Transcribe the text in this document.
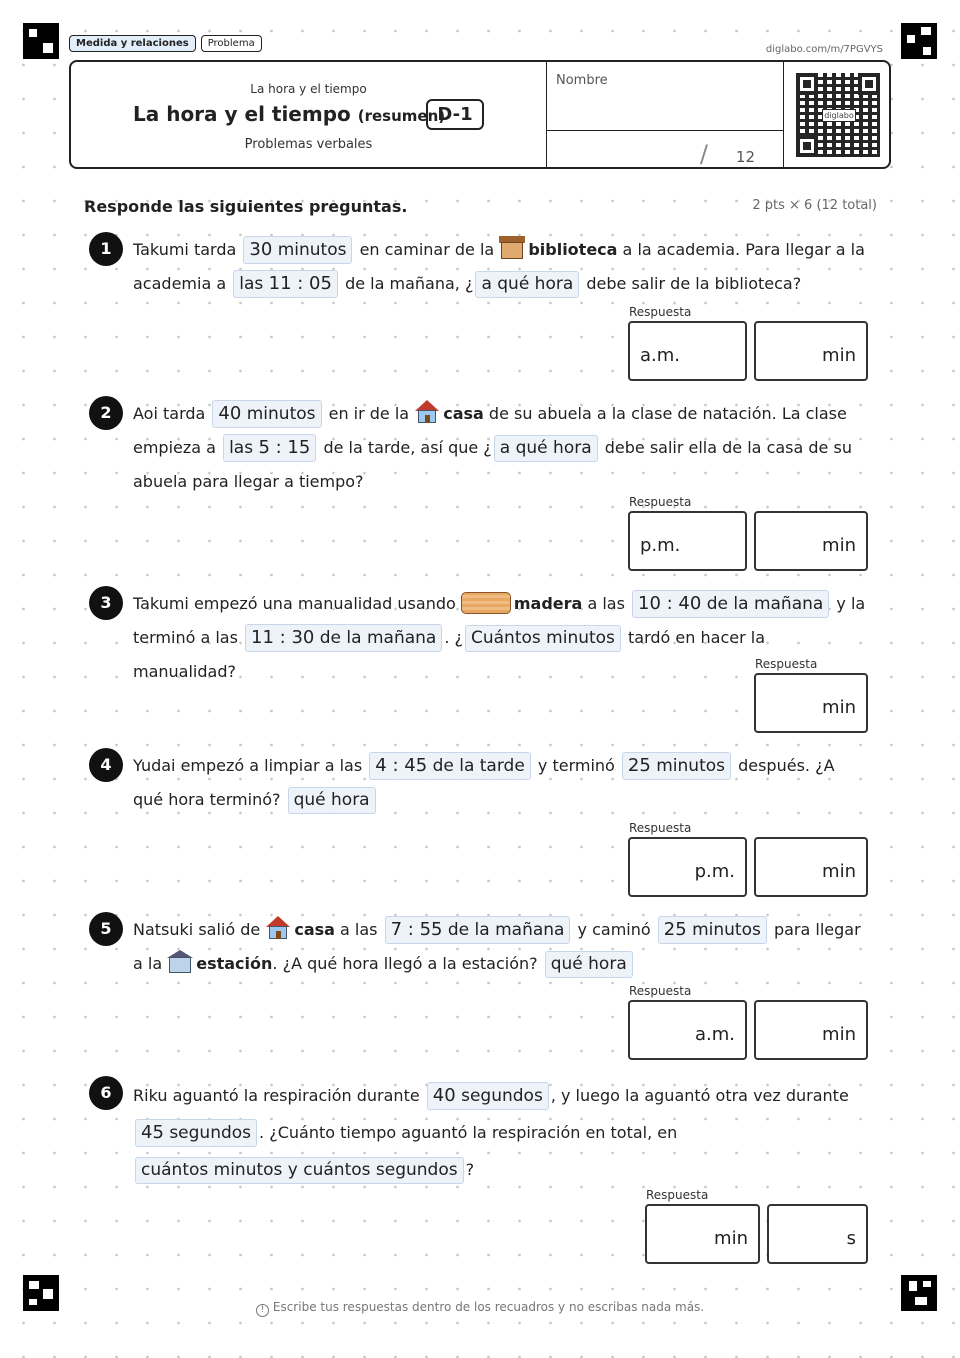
Medida y relaciones	Problema
diglabo.com/m/7PGVYS
La hora y el tiempo
La hora y el tiempo (resumen)
D-1
Problemas verbales
Nombre
/ 12
diglabo
Responde las siguientes preguntas.	2 pts × 6 (12 total)
1	Takumi tarda 30 minutos en caminar de la biblioteca a la academia. Para llegar a la academia a las 11 : 05 de la mañana, ¿ a qué hora debe salir de la biblioteca?
Respuesta
a.m.	min
2	Aoi tarda 40 minutos en ir de la casa de su abuela a la clase de natación. La clase empieza a las 5 : 15 de la tarde, así que ¿ a qué hora debe salir ella de la casa de su abuela para llegar a tiempo?
Respuesta
p.m.	min
3	Takumi empezó una manualidad usando	madera a las 10 : 40 de la mañana y la terminó a las 11 : 30 de la mañana . ¿ Cuántos minutos tardó en hacer la manualidad?	Respuesta
min
4	Yudai empezó a limpiar a las 4 : 45 de la tarde y terminó 25 minutos después. ¿A qué hora terminó? qué hora
Respuesta
p.m.	min
5	Natsuki salió de casa a las 7 : 55 de la mañana y caminó 25 minutos para llegar a la estación. ¿A qué hora llegó a la estación? qué hora
Respuesta
a.m.	min
6	Riku aguantó la respiración durante 40 segundos , y luego la aguantó otra vez durante 45 segundos . ¿Cuánto tiempo aguantó la respiración en total, en cuántos minutos y cuántos segundos ?
Respuesta
min	s
! Escribe tus respuestas dentro de los recuadros y no escribas nada más.
